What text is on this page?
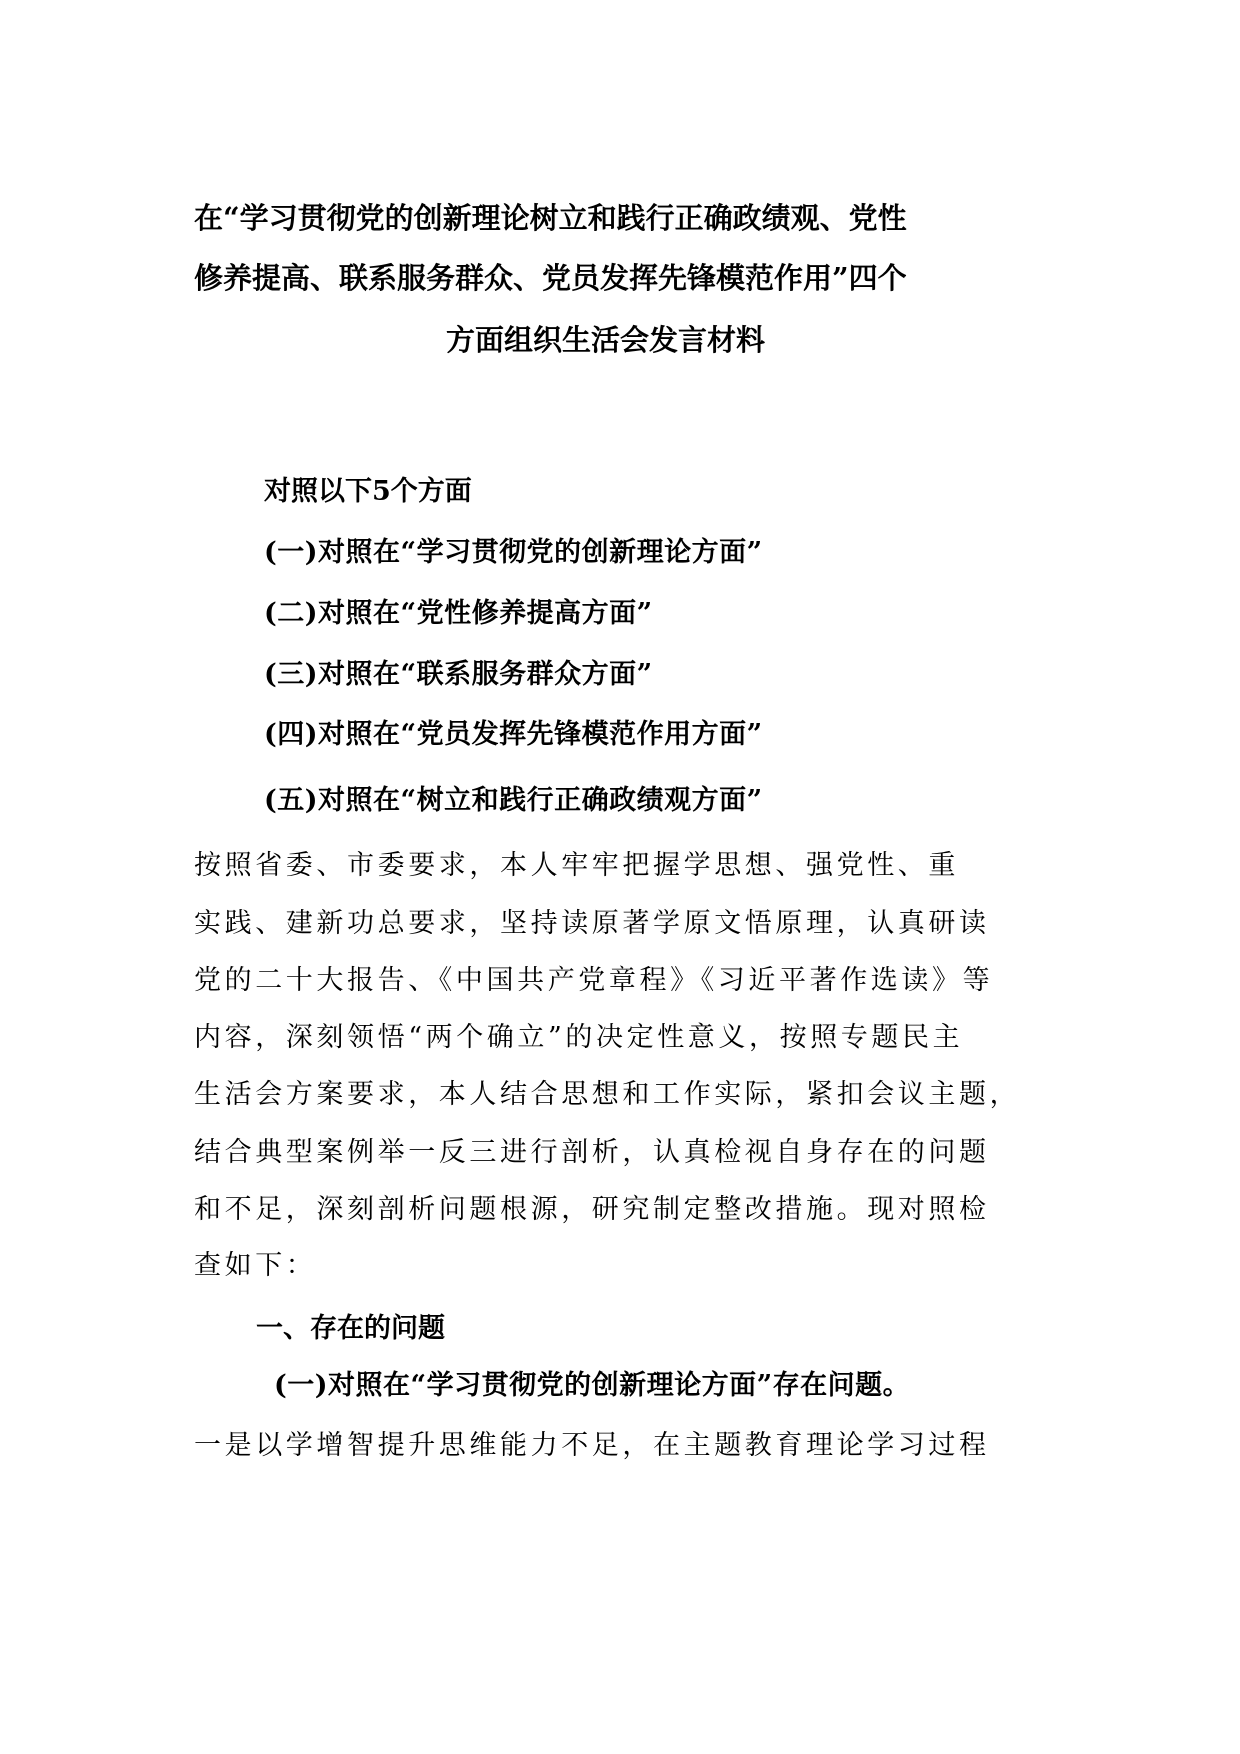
在“学习贯彻党的创新理论树立和践行正确政绩观、党性
修养提高、联系服务群众、党员发挥先锋模范作用”四个
方面组织生活会发言材料
对照以下5个方面
(一)对照在“学习贯彻党的创新理论方面”
(二)对照在“党性修养提高方面”
(三)对照在“联系服务群众方面”
(四)对照在“党员发挥先锋模范作用方面”
(五)对照在“树立和践行正确政绩观方面”
按照省委、市委要求，本人牢牢把握学思想、强党性、重
实践、建新功总要求，坚持读原著学原文悟原理，认真研读
党的二十大报告、《中国共产党章程》《习近平著作选读》等
内容，深刻领悟“两个确立”的决定性意义，按照专题民主
生活会方案要求，本人结合思想和工作实际，紧扣会议主题，
结合典型案例举一反三进行剖析，认真检视自身存在的问题
和不足，深刻剖析问题根源，研究制定整改措施。现对照检
查如下：
一、存在的问题
(一)对照在“学习贯彻党的创新理论方面”存在问题。
一是以学增智提升思维能力不足，在主题教育理论学习过程
